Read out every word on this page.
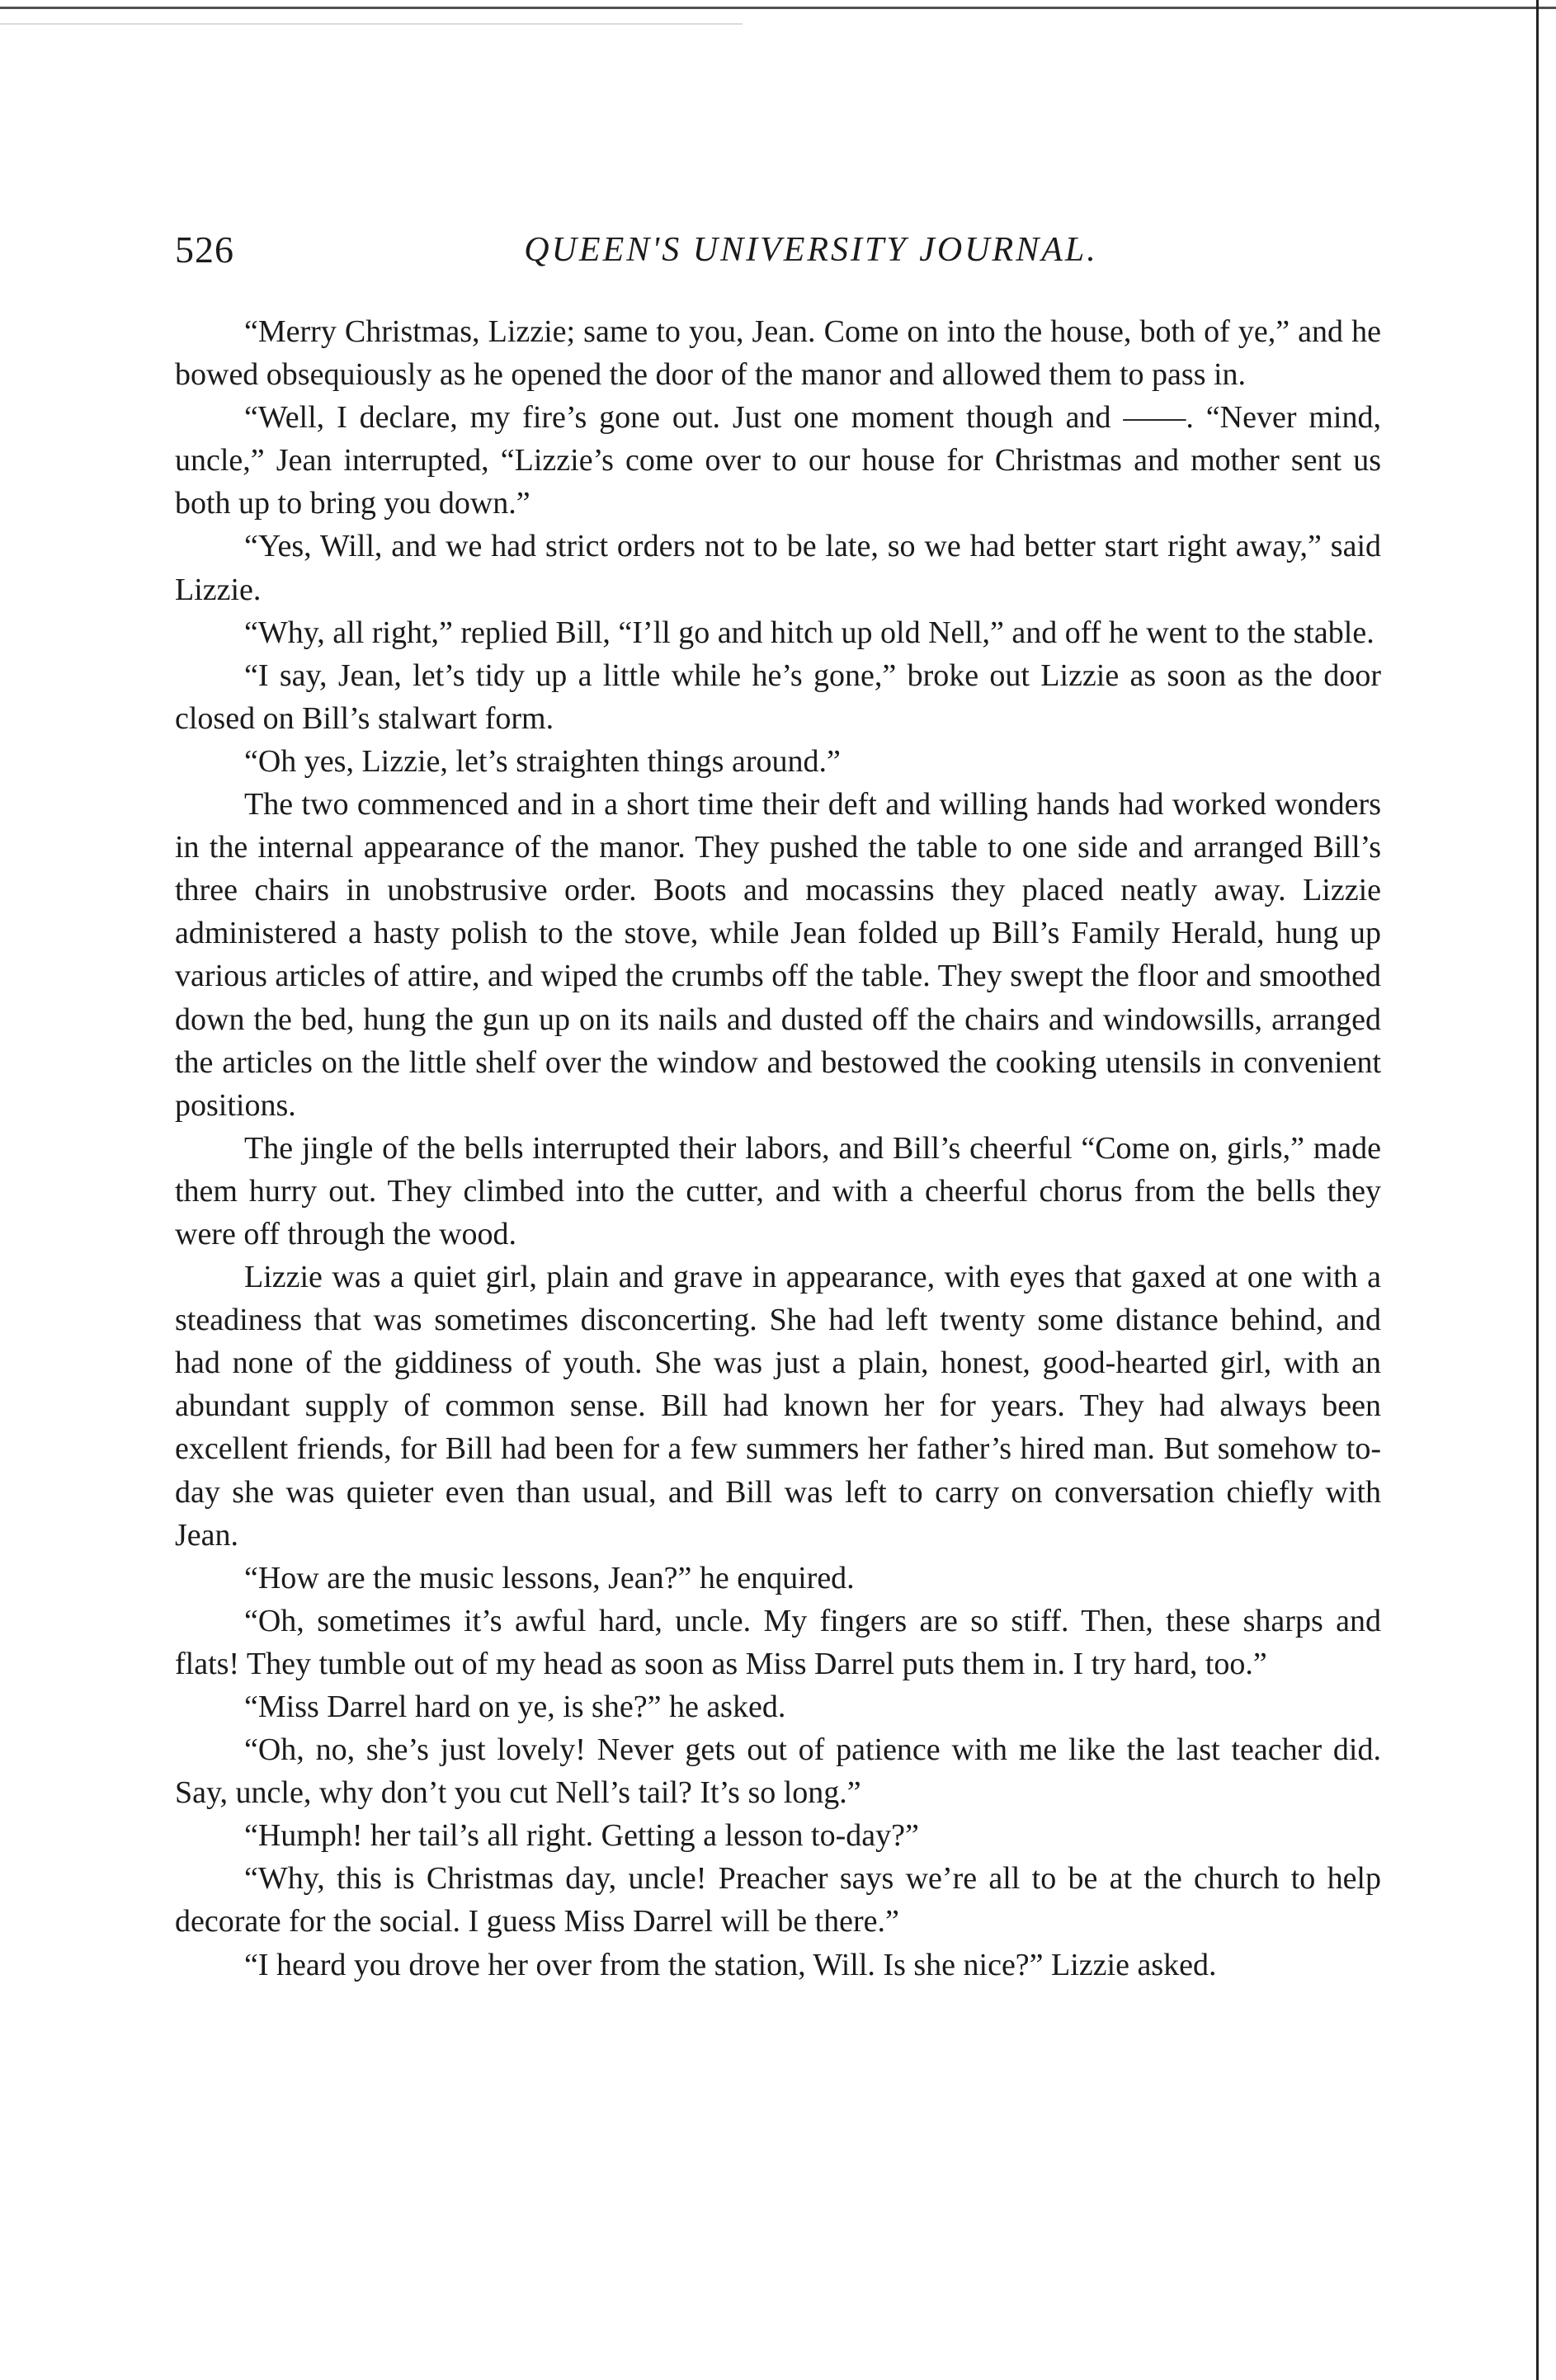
526	QUEEN'S UNIVERSITY JOURNAL.

“Merry Christmas, Lizzie; same to you, Jean. Come on into the house, both of ye,” and he bowed obsequiously as he opened the door of the manor and allowed them to pass in.

“Well, I declare, my fire’s gone out. Just one moment though and ——. “Never mind, uncle,” Jean interrupted, “Lizzie’s come over to our house for Christmas and mother sent us both up to bring you down.”

“Yes, Will, and we had strict orders not to be late, so we had better start right away,” said Lizzie.

“Why, all right,” replied Bill, “I’ll go and hitch up old Nell,” and off he went to the stable.

“I say, Jean, let’s tidy up a little while he’s gone,” broke out Lizzie as soon as the door closed on Bill’s stalwart form.

“Oh yes, Lizzie, let’s straighten things around.”

The two commenced and in a short time their deft and willing hands had worked wonders in the internal appearance of the manor. They pushed the table to one side and arranged Bill’s three chairs in unobstrusive order. Boots and mocassins they placed neatly away. Lizzie administered a hasty polish to the stove, while Jean folded up Bill’s Family Herald, hung up various articles of attire, and wiped the crumbs off the table. They swept the floor and smoothed down the bed, hung the gun up on its nails and dusted off the chairs and windowsills, arranged the articles on the little shelf over the window and bestowed the cooking utensils in convenient positions.

The jingle of the bells interrupted their labors, and Bill’s cheerful “Come on, girls,” made them hurry out. They climbed into the cutter, and with a cheerful chorus from the bells they were off through the wood.

Lizzie was a quiet girl, plain and grave in appearance, with eyes that gaxed at one with a steadiness that was sometimes disconcerting. She had left twenty some distance behind, and had none of the giddiness of youth. She was just a plain, honest, good-hearted girl, with an abundant supply of common sense. Bill had known her for years. They had always been excellent friends, for Bill had been for a few summers her father’s hired man. But somehow to-day she was quieter even than usual, and Bill was left to carry on conversation chiefly with Jean.

“How are the music lessons, Jean?” he enquired.

“Oh, sometimes it’s awful hard, uncle. My fingers are so stiff. Then, these sharps and flats! They tumble out of my head as soon as Miss Darrel puts them in. I try hard, too.”

“Miss Darrel hard on ye, is she?” he asked.

“Oh, no, she’s just lovely! Never gets out of patience with me like the last teacher did. Say, uncle, why don’t you cut Nell’s tail? It’s so long.”

“Humph! her tail’s all right. Getting a lesson to-day?”

“Why, this is Christmas day, uncle! Preacher says we’re all to be at the church to help decorate for the social. I guess Miss Darrel will be there.”

“I heard you drove her over from the station, Will. Is she nice?” Lizzie asked.
